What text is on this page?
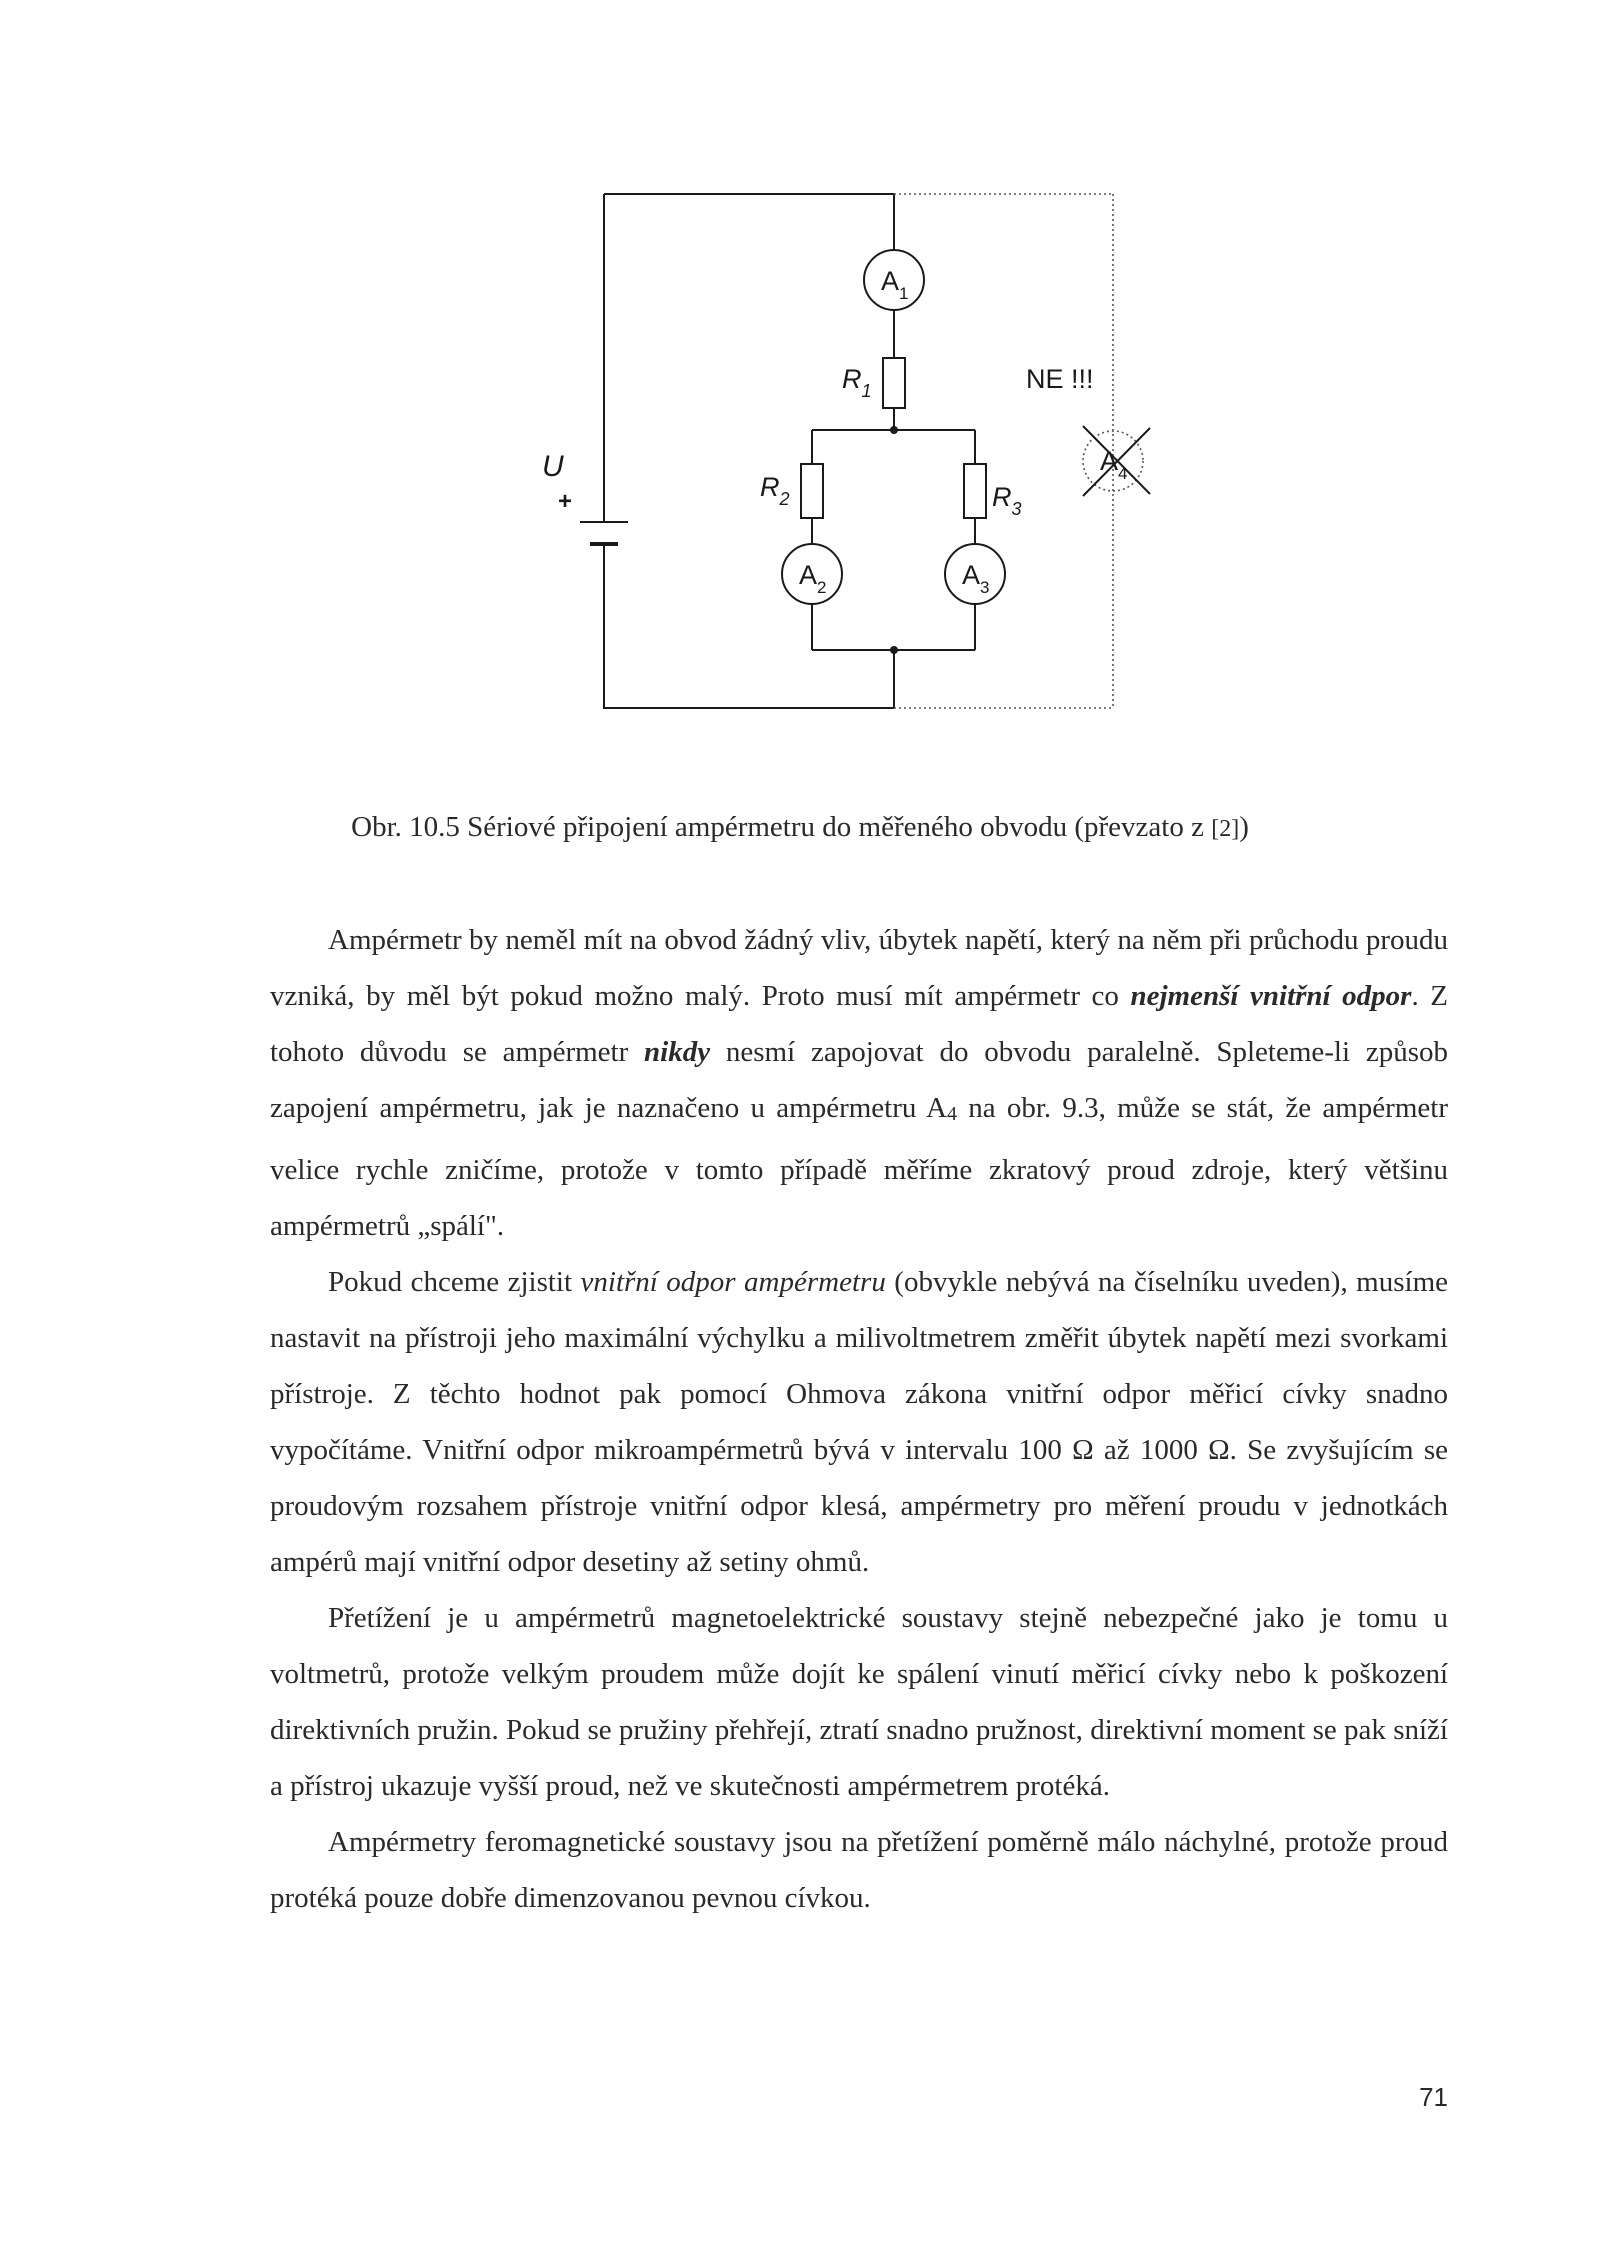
$A_1$
$A_2$	$A_3$
$A_4$
$R_1$
$R_2$	$R_3$
U
+
NE !!!
Obr. 10.5 Sériové připojení ampérmetru do měřeného obvodu (převzato z [2])

Ampérmetr by neměl mít na obvod žádný vliv, úbytek napětí, který na něm při průchodu proudu vzniká, by měl být pokud možno malý. Proto musí mít ampérmetr co nejmenší vnitřní odpor. Z tohoto důvodu se ampérmetr nikdy nesmí zapojovat do obvodu paralelně. Spleteme-li způsob zapojení ampérmetru, jak je naznačeno u ampérmetru A4 na obr. 9.3, může se stát, že ampérmetr velice rychle zničíme, protože v tomto případě měříme zkratový proud zdroje, který většinu ampérmetrů „spálí".

Pokud chceme zjistit vnitřní odpor ampérmetru (obvykle nebývá na číselníku uveden), musíme nastavit na přístroji jeho maximální výchylku a milivoltmetrem změřit úbytek napětí mezi svorkami přístroje. Z těchto hodnot pak pomocí Ohmova zákona vnitřní odpor měřicí cívky snadno vypočítáme. Vnitřní odpor mikroampérmetrů bývá v intervalu 100 Ω až 1000 Ω. Se zvyšujícím se proudovým rozsahem přístroje vnitřní odpor klesá, ampérmetry pro měření proudu v jednotkách ampérů mají vnitřní odpor desetiny až setiny ohmů.

Přetížení je u ampérmetrů magnetoelektrické soustavy stejně nebezpečné jako je tomu u voltmetrů, protože velkým proudem může dojít ke spálení vinutí měřicí cívky nebo k poškození direktivních pružin. Pokud se pružiny přehřejí, ztratí snadno pružnost, direktivní moment se pak sníží a přístroj ukazuje vyšší proud, než ve skutečnosti ampérmetrem protéká.

Ampérmetry feromagnetické soustavy jsou na přetížení poměrně málo náchylné, protože proud protéká pouze dobře dimenzovanou pevnou cívkou.

71
